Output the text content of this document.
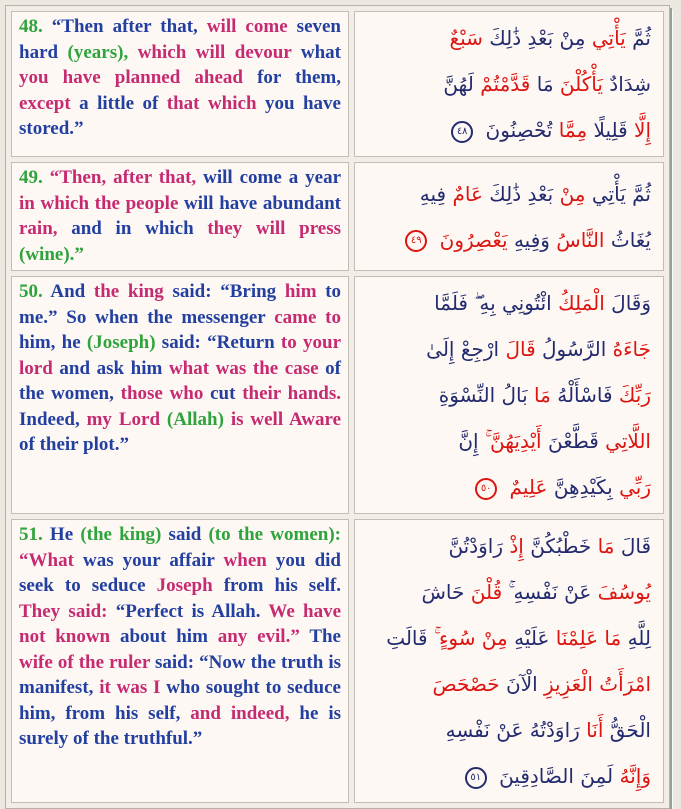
48. “Then after that, will come seven hard (years), which will devour what you have planned ahead for them, except a little of that which you have stored.”	ثُمَّ يَأْتِي مِنْ بَعْدِ ذَٰلِكَ سَبْعٌ
شِدَادٌ يَأْكُلْنَ مَا قَدَّمْتُمْ لَهُنَّ
إِلَّا قَلِيلًا مِمَّا تُحْصِنُونَ ٤٨

49. “Then, after that, will come a year in which the people will have abundant rain, and in which they will press (wine).”	ثُمَّ يَأْتِي مِنْ بَعْدِ ذَٰلِكَ عَامٌ فِيهِ
يُغَاثُ النَّاسُ وَفِيهِ يَعْصِرُونَ ٤٩

50. And the king said: “Bring him to me.” So when the messenger came to him, he (Joseph) said: “Return to your lord and ask him what was the case of the women, those who cut their hands. Indeed, my Lord (Allah) is well Aware of their plot.”	
وَقَالَ الْمَلِكُ ائْتُونِي بِهِ ۖ فَلَمَّا
جَاءَهُ الرَّسُولُ قَالَ ارْجِعْ إِلَىٰ
رَبِّكَ فَاسْأَلْهُ مَا بَالُ النِّسْوَةِ
اللَّاتِي قَطَّعْنَ أَيْدِيَهُنَّ ۚ إِنَّ
رَبِّي بِكَيْدِهِنَّ عَلِيمٌ ٥٠

51. He (the king) said (to the women): “What was your affair when you did seek to seduce Joseph from his self. They said: “Perfect is Allah. We have not known about him any evil.” The wife of the ruler said: “Now the truth is manifest, it was I who sought to seduce him, from his self, and indeed, he is surely of the truthful.”	
قَالَ مَا خَطْبُكُنَّ إِذْ رَاوَدْتُنَّ
يُوسُفَ عَنْ نَفْسِهِ ۚ قُلْنَ حَاشَ
لِلَّهِ مَا عَلِمْنَا عَلَيْهِ مِنْ سُوءٍ ۚ قَالَتِ
امْرَأَتُ الْعَزِيزِ الْآنَ حَصْحَصَ
الْحَقُّ أَنَا رَاوَدْتُهُ عَنْ نَفْسِهِ
وَإِنَّهُ لَمِنَ الصَّادِقِينَ ٥١
